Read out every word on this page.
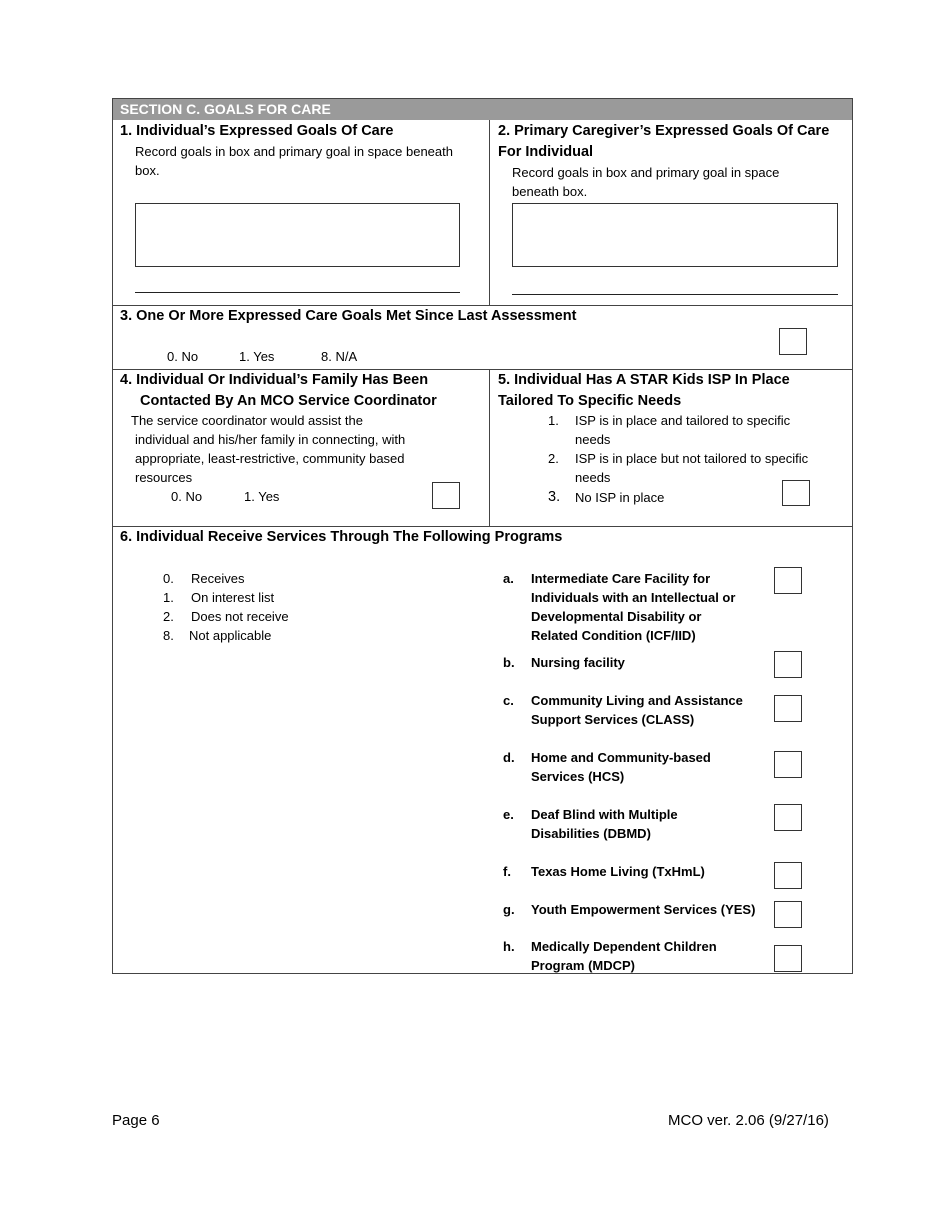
SECTION C. GOALS FOR CARE
1. Individual’s Expressed Goals Of Care
Record goals in box and primary goal in space beneath
box.
2. Primary Caregiver’s Expressed Goals Of Care
For Individual
Record goals in box and primary goal in space
beneath box.
3. One Or More Expressed Care Goals Met Since Last Assessment
0. No	1. Yes	8. N/A
4. Individual Or Individual’s Family Has Been
Contacted By An MCO Service Coordinator
The service coordinator would assist the
individual and his/her family in connecting, with
appropriate, least-restrictive, community based
resources
0. No	1. Yes
5. Individual Has A STAR Kids ISP In Place
Tailored To Specific Needs
1. ISP is in place and tailored to specific
needs
2. ISP is in place but not tailored to specific
needs
3. No ISP in place
6. Individual Receive Services Through The Following Programs
0. Receives
1. On interest list
2. Does not receive
8. Not applicable
a. Intermediate Care Facility for
Individuals with an Intellectual or
Developmental Disability or
Related Condition (ICF/IID)
b. Nursing facility
c. Community Living and Assistance
Support Services (CLASS)
d. Home and Community-based
Services (HCS)
e. Deaf Blind with Multiple
Disabilities (DBMD)
f. Texas Home Living (TxHmL)
g. Youth Empowerment Services (YES)
h. Medically Dependent Children
Program (MDCP)
Page 6	MCO ver. 2.06 (9/27/16)
